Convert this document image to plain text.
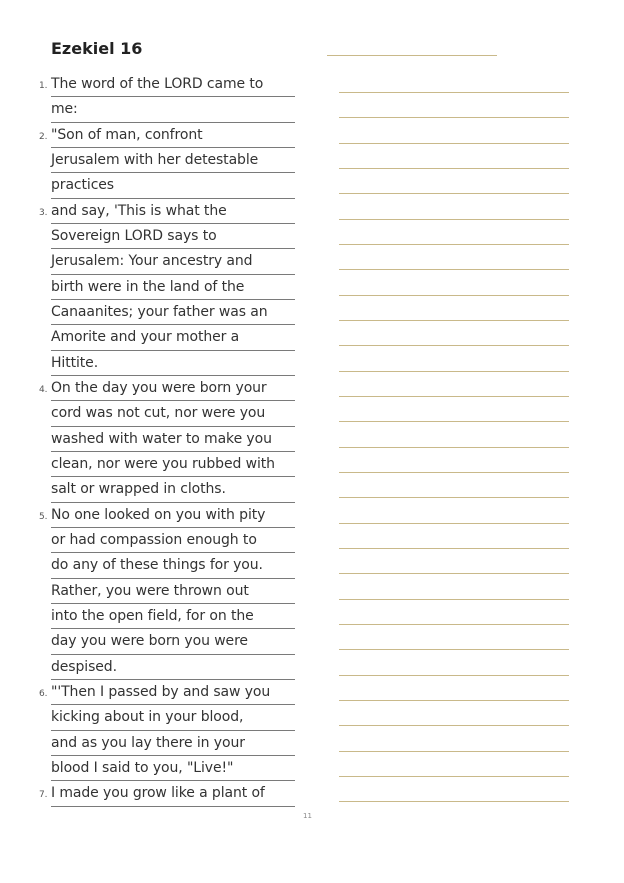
Ezekiel 16
1. The word of the LORD came to
me:
2. "Son of man, confront
Jerusalem with her detestable
practices
3. and say, 'This is what the
Sovereign LORD says to
Jerusalem: Your ancestry and
birth were in the land of the
Canaanites; your father was an
Amorite and your mother a
Hittite.
4. On the day you were born your
cord was not cut, nor were you
washed with water to make you
clean, nor were you rubbed with
salt or wrapped in cloths.
5. No one looked on you with pity
or had compassion enough to
do any of these things for you.
Rather, you were thrown out
into the open field, for on the
day you were born you were
despised.
6. "'Then I passed by and saw you
kicking about in your blood,
and as you lay there in your
blood I said to you, "Live!"
7. I made you grow like a plant of
11
